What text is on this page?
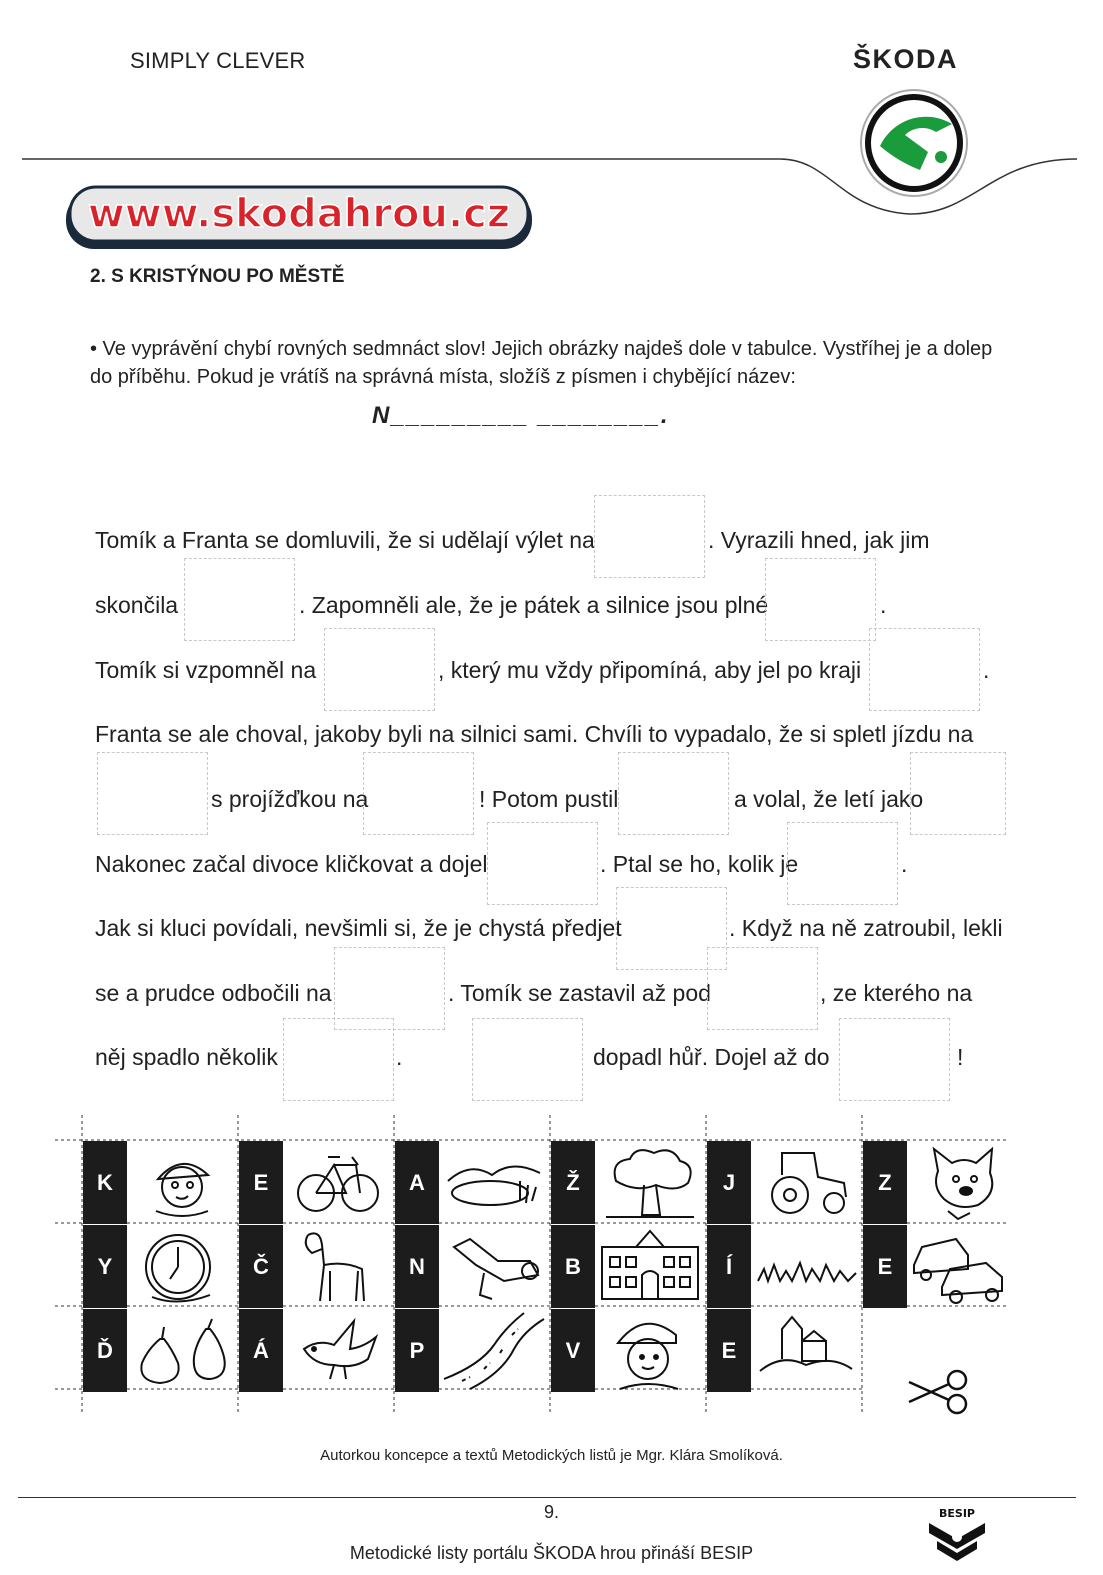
SIMPLY CLEVER	ŠKODA
www.skodahrou.cz
2. S KRISTÝNOU PO MĚSTĚ
• Ve vyprávění chybí rovných sedmnáct slov! Jejich obrázky najdeš dole v tabulce. Vystříhej je a dolep do příběhu. Pokud je vrátíš na správná místa, složíš z písmen i chybějící název:
N_________ ________.
Tomík a Franta se domluvili, že si udělají výlet na	. Vyrazili hned, jak jim
skončila	. Zapomněli ale, že je pátek a silnice jsou plné	.
Tomík si vzpomněl na	, který mu vždy připomíná, aby jel po kraji	.
Franta se ale choval, jakoby byli na silnici sami. Chvíli to vypadalo, že si spletl jízdu na
s projížďkou na	! Potom pustil	a volal, že letí jako
Nakonec začal divoce kličkovat a dojel	. Ptal se ho, kolik je	.
Jak si kluci povídali, nevšimli si, že je chystá předjet	. Když na ně zatroubil, lekli
se a prudce odbočili na	. Tomík se zastavil až pod	, ze kterého na
něj spadlo několik	.	dopadl hůř. Dojel až do	!
K	E	A	Ž	J	Z
Y	Č	N	B	Í	E
Ď	Á	P	V	E
Autorkou koncepce a textů Metodických listů je Mgr. Klára Smolíková.
9.
Metodické listy portálu ŠKODA hrou přináší BESIP
BESIP
